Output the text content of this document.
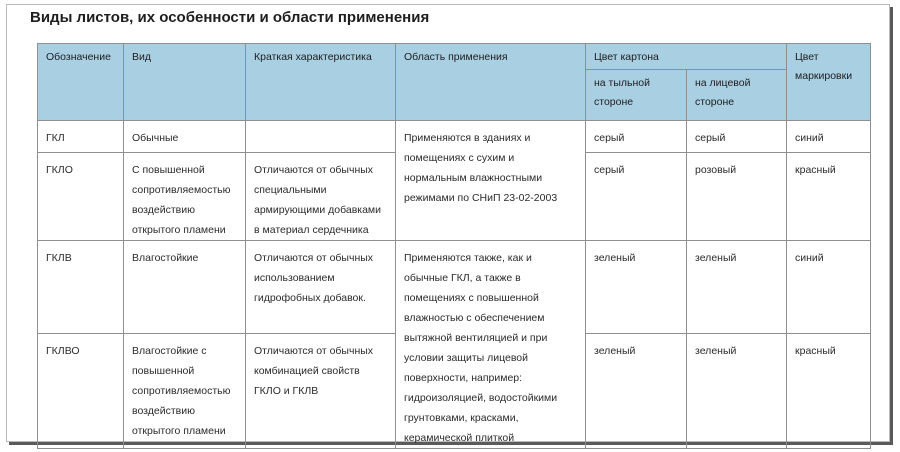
Виды листов, их особенности и области применения
Обозначение	Вид	Краткая характеристика	Область применения	Цвет картона		Цвет маркировки
				на тыльной стороне	на лицевой стороне	
ГКЛ	Обычные		Применяются в зданиях и помещениях с сухим и нормальным влажностными режимами по СНиП 23-02-2003	серый	серый	синий
ГКЛО	С повышенной сопротивляемостью воздействию открытого пламени	Отличаются от обычных специальными армирующими добавками в материал сердечника		серый	розовый	красный
ГКЛВ	Влагостойкие	Отличаются от обычных использованием гидрофобных добавок.	Применяются также, как и обычные ГКЛ, а также в помещениях с повышенной влажностью с обеспечением вытяжной вентиляцией и при условии защиты лицевой поверхности, например: гидроизоляцией, водостойкими грунтовками, красками, керамической плиткой	зеленый	зеленый	синий
ГКЛВО	Влагостойкие с повышенной сопротивляемостью воздействию открытого пламени	Отличаются от обычных комбинацией свойств ГКЛО и ГКЛВ		зеленый	зеленый	красный
